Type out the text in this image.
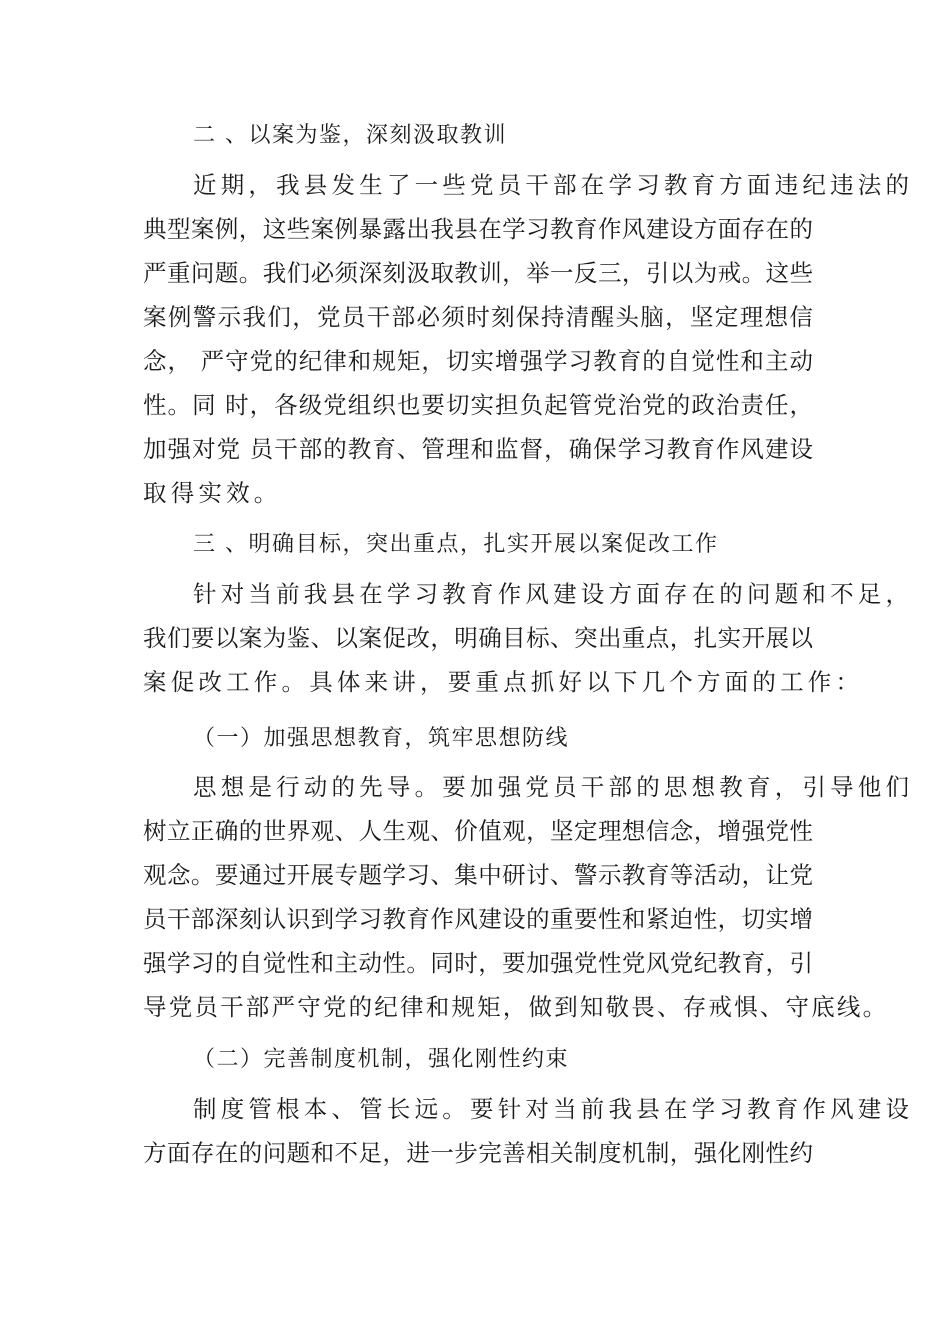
二 、以案为鉴，深刻汲取教训
近期，我县发生了一些党员干部在学习教育方面违纪违法的
典型案例，这些案例暴露出我县在学习教育作风建设方面存在的
严重问题。我们必须深刻汲取教训，举一反三，引以为戒。这些
案例警示我们，党员干部必须时刻保持清醒头脑，坚定理想信
念， 严守党的纪律和规矩，切实增强学习教育的自觉性和主动
性。同 时，各级党组织也要切实担负起管党治党的政治责任，
加强对党 员干部的教育、管理和监督，确保学习教育作风建设
取得实效。
三 、明确目标，突出重点，扎实开展以案促改工作
针对当前我县在学习教育作风建设方面存在的问题和不足，
我们要以案为鉴、以案促改，明确目标、突出重点，扎实开展以
案促改工作。具体来讲，要重点抓好以下几个方面的工作：
（一）加强思想教育，筑牢思想防线
思想是行动的先导。要加强党员干部的思想教育，引导他们
树立正确的世界观、人生观、价值观，坚定理想信念，增强党性
观念。要通过开展专题学习、集中研讨、警示教育等活动，让党
员干部深刻认识到学习教育作风建设的重要性和紧迫性，切实增
强学习的自觉性和主动性。同时，要加强党性党风党纪教育，引
导党员干部严守党的纪律和规矩，做到知敬畏、存戒惧、守底线。
（二）完善制度机制，强化刚性约束
制度管根本、管长远。要针对当前我县在学习教育作风建设
方面存在的问题和不足，进一步完善相关制度机制，强化刚性约
